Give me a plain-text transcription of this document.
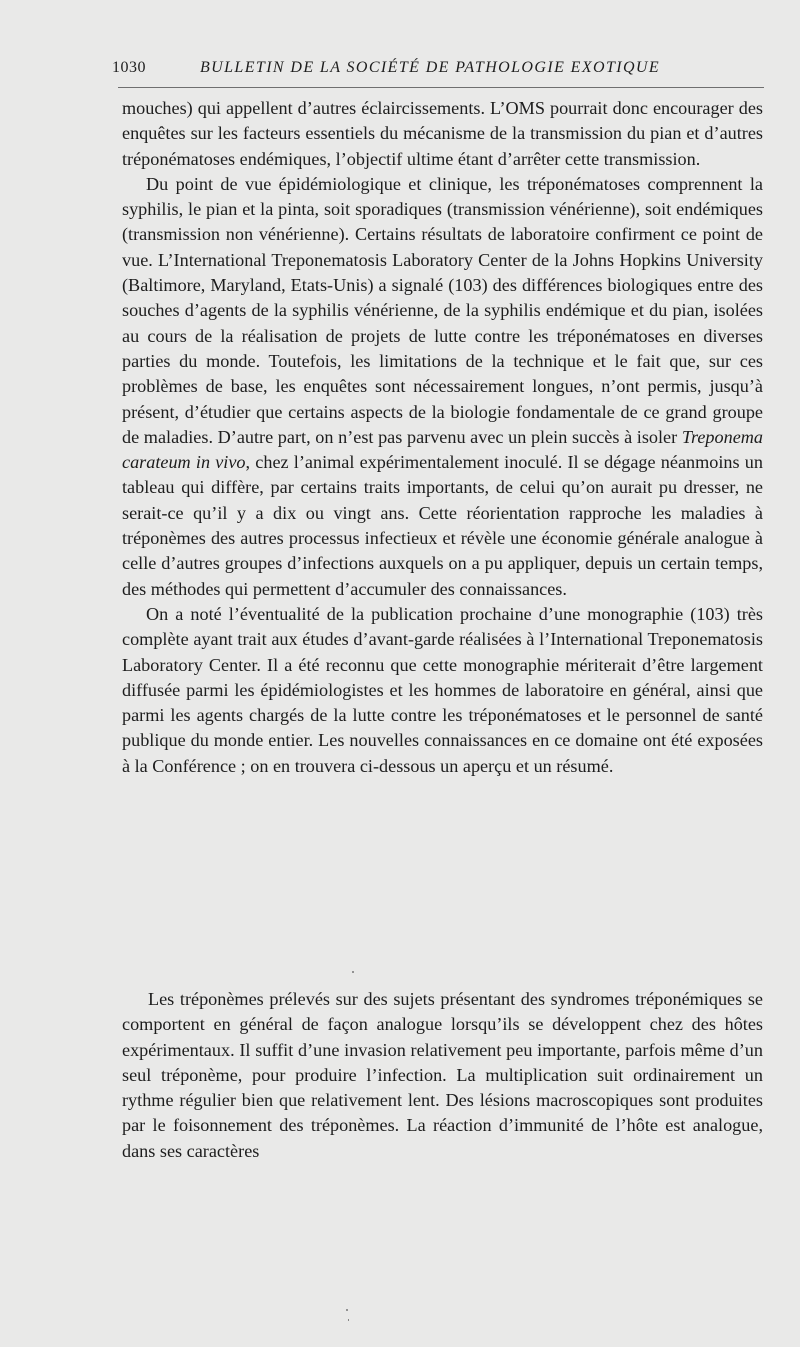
1030	BULLETIN DE LA SOCIÉTÉ DE PATHOLOGIE EXOTIQUE

mouches) qui appellent d’autres éclaircissements. L’OMS pourrait donc encourager des enquêtes sur les facteurs essentiels du mécanisme de la transmission du pian et d’autres tréponématoses endémiques, l’objectif ultime étant d’arrêter cette transmission.

Du point de vue épidémiologique et clinique, les tréponématoses comprennent la syphilis, le pian et la pinta, soit sporadiques (transmission vénérienne), soit endémiques (transmission non vénérienne). Certains résultats de laboratoire confirment ce point de vue. L’International Treponematosis Laboratory Center de la Johns Hopkins University (Baltimore, Maryland, Etats-Unis) a signalé (103) des différences biologiques entre des souches d’agents de la syphilis vénérienne, de la syphilis endémique et du pian, isolées au cours de la réalisation de projets de lutte contre les tréponématoses en diverses parties du monde. Toutefois, les limitations de la technique et le fait que, sur ces problèmes de base, les enquêtes sont nécessairement longues, n’ont permis, jusqu’à présent, d’étudier que certains aspects de la biologie fondamentale de ce grand groupe de maladies. D’autre part, on n’est pas parvenu avec un plein succès à isoler Treponema carateum in vivo, chez l’animal expérimentalement inoculé. Il se dégage néanmoins un tableau qui diffère, par certains traits importants, de celui qu’on aurait pu dresser, ne serait-ce qu’il y a dix ou vingt ans. Cette réorientation rapproche les maladies à tréponèmes des autres processus infectieux et révèle une économie générale analogue à celle d’autres groupes d’infections auxquels on a pu appliquer, depuis un certain temps, des méthodes qui permettent d’accumuler des connaissances.

On a noté l’éventualité de la publication prochaine d’une monographie (103) très complète ayant trait aux études d’avant-garde réalisées à l’International Treponematosis Laboratory Center. Il a été reconnu que cette monographie mériterait d’être largement diffusée parmi les épidémiologistes et les hommes de laboratoire en général, ainsi que parmi les agents chargés de la lutte contre les tréponématoses et le personnel de santé publique du monde entier. Les nouvelles connaissances en ce domaine ont été exposées à la Conférence ; on en trouvera ci-dessous un aperçu et un résumé.

Les tréponèmes prélevés sur des sujets présentant des syndromes tréponémiques se comportent en général de façon analogue lorsqu’ils se développent chez des hôtes expérimentaux. Il suffit d’une invasion relativement peu importante, parfois même d’un seul tréponème, pour produire l’infection. La multiplication suit ordinairement un rythme régulier bien que relativement lent. Des lésions macroscopiques sont produites par le foisonnement des tréponèmes. La réaction d’immunité de l’hôte est analogue, dans ses caractères
